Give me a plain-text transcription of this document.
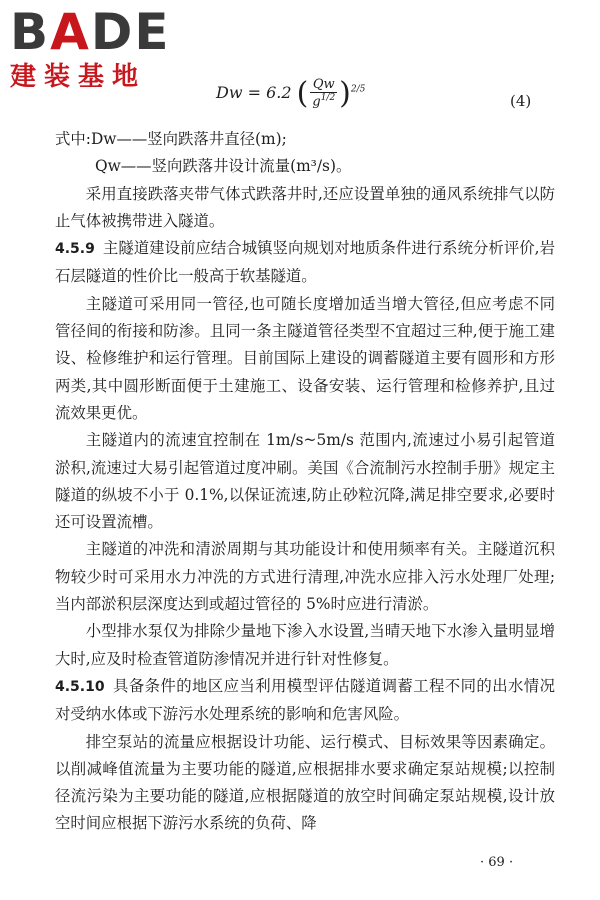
BADE
建装基地
Dw = 6.2 ( $\frac{Qw}{g^{1/2}} )^{2/5}$
(4)

式中:Dw——竖向跌落井直径(m);

Qw——竖向跌落井设计流量(m³/s)。

采用直接跌落夹带气体式跌落井时,还应设置单独的通风系统排气以防止气体被携带进入隧道。

4.5.9 主隧道建设前应结合城镇竖向规划对地质条件进行系统分析评价,岩石层隧道的性价比一般高于软基隧道。

主隧道可采用同一管径,也可随长度增加适当增大管径,但应考虑不同管径间的衔接和防渗。且同一条主隧道管径类型不宜超过三种,便于施工建设、检修维护和运行管理。目前国际上建设的调蓄隧道主要有圆形和方形两类,其中圆形断面便于土建施工、设备安装、运行管理和检修养护,且过流效果更优。

主隧道内的流速宜控制在 1m/s~5m/s 范围内,流速过小易引起管道淤积,流速过大易引起管道过度冲刷。美国《合流制污水控制手册》规定主隧道的纵坡不小于 0.1%,以保证流速,防止砂粒沉降,满足排空要求,必要时还可设置流槽。

主隧道的冲洗和清淤周期与其功能设计和使用频率有关。主隧道沉积物较少时可采用水力冲洗的方式进行清理,冲洗水应排入污水处理厂处理;当内部淤积层深度达到或超过管径的 5%时应进行清淤。

小型排水泵仅为排除少量地下渗入水设置,当晴天地下水渗入量明显增大时,应及时检查管道防渗情况并进行针对性修复。

4.5.10 具备条件的地区应当利用模型评估隧道调蓄工程不同的出水情况对受纳水体或下游污水处理系统的影响和危害风险。

排空泵站的流量应根据设计功能、运行模式、目标效果等因素确定。以削减峰值流量为主要功能的隧道,应根据排水要求确定泵站规模;以控制径流污染为主要功能的隧道,应根据隧道的放空时间确定泵站规模,设计放空时间应根据下游污水系统的负荷、降

· 69 ·
